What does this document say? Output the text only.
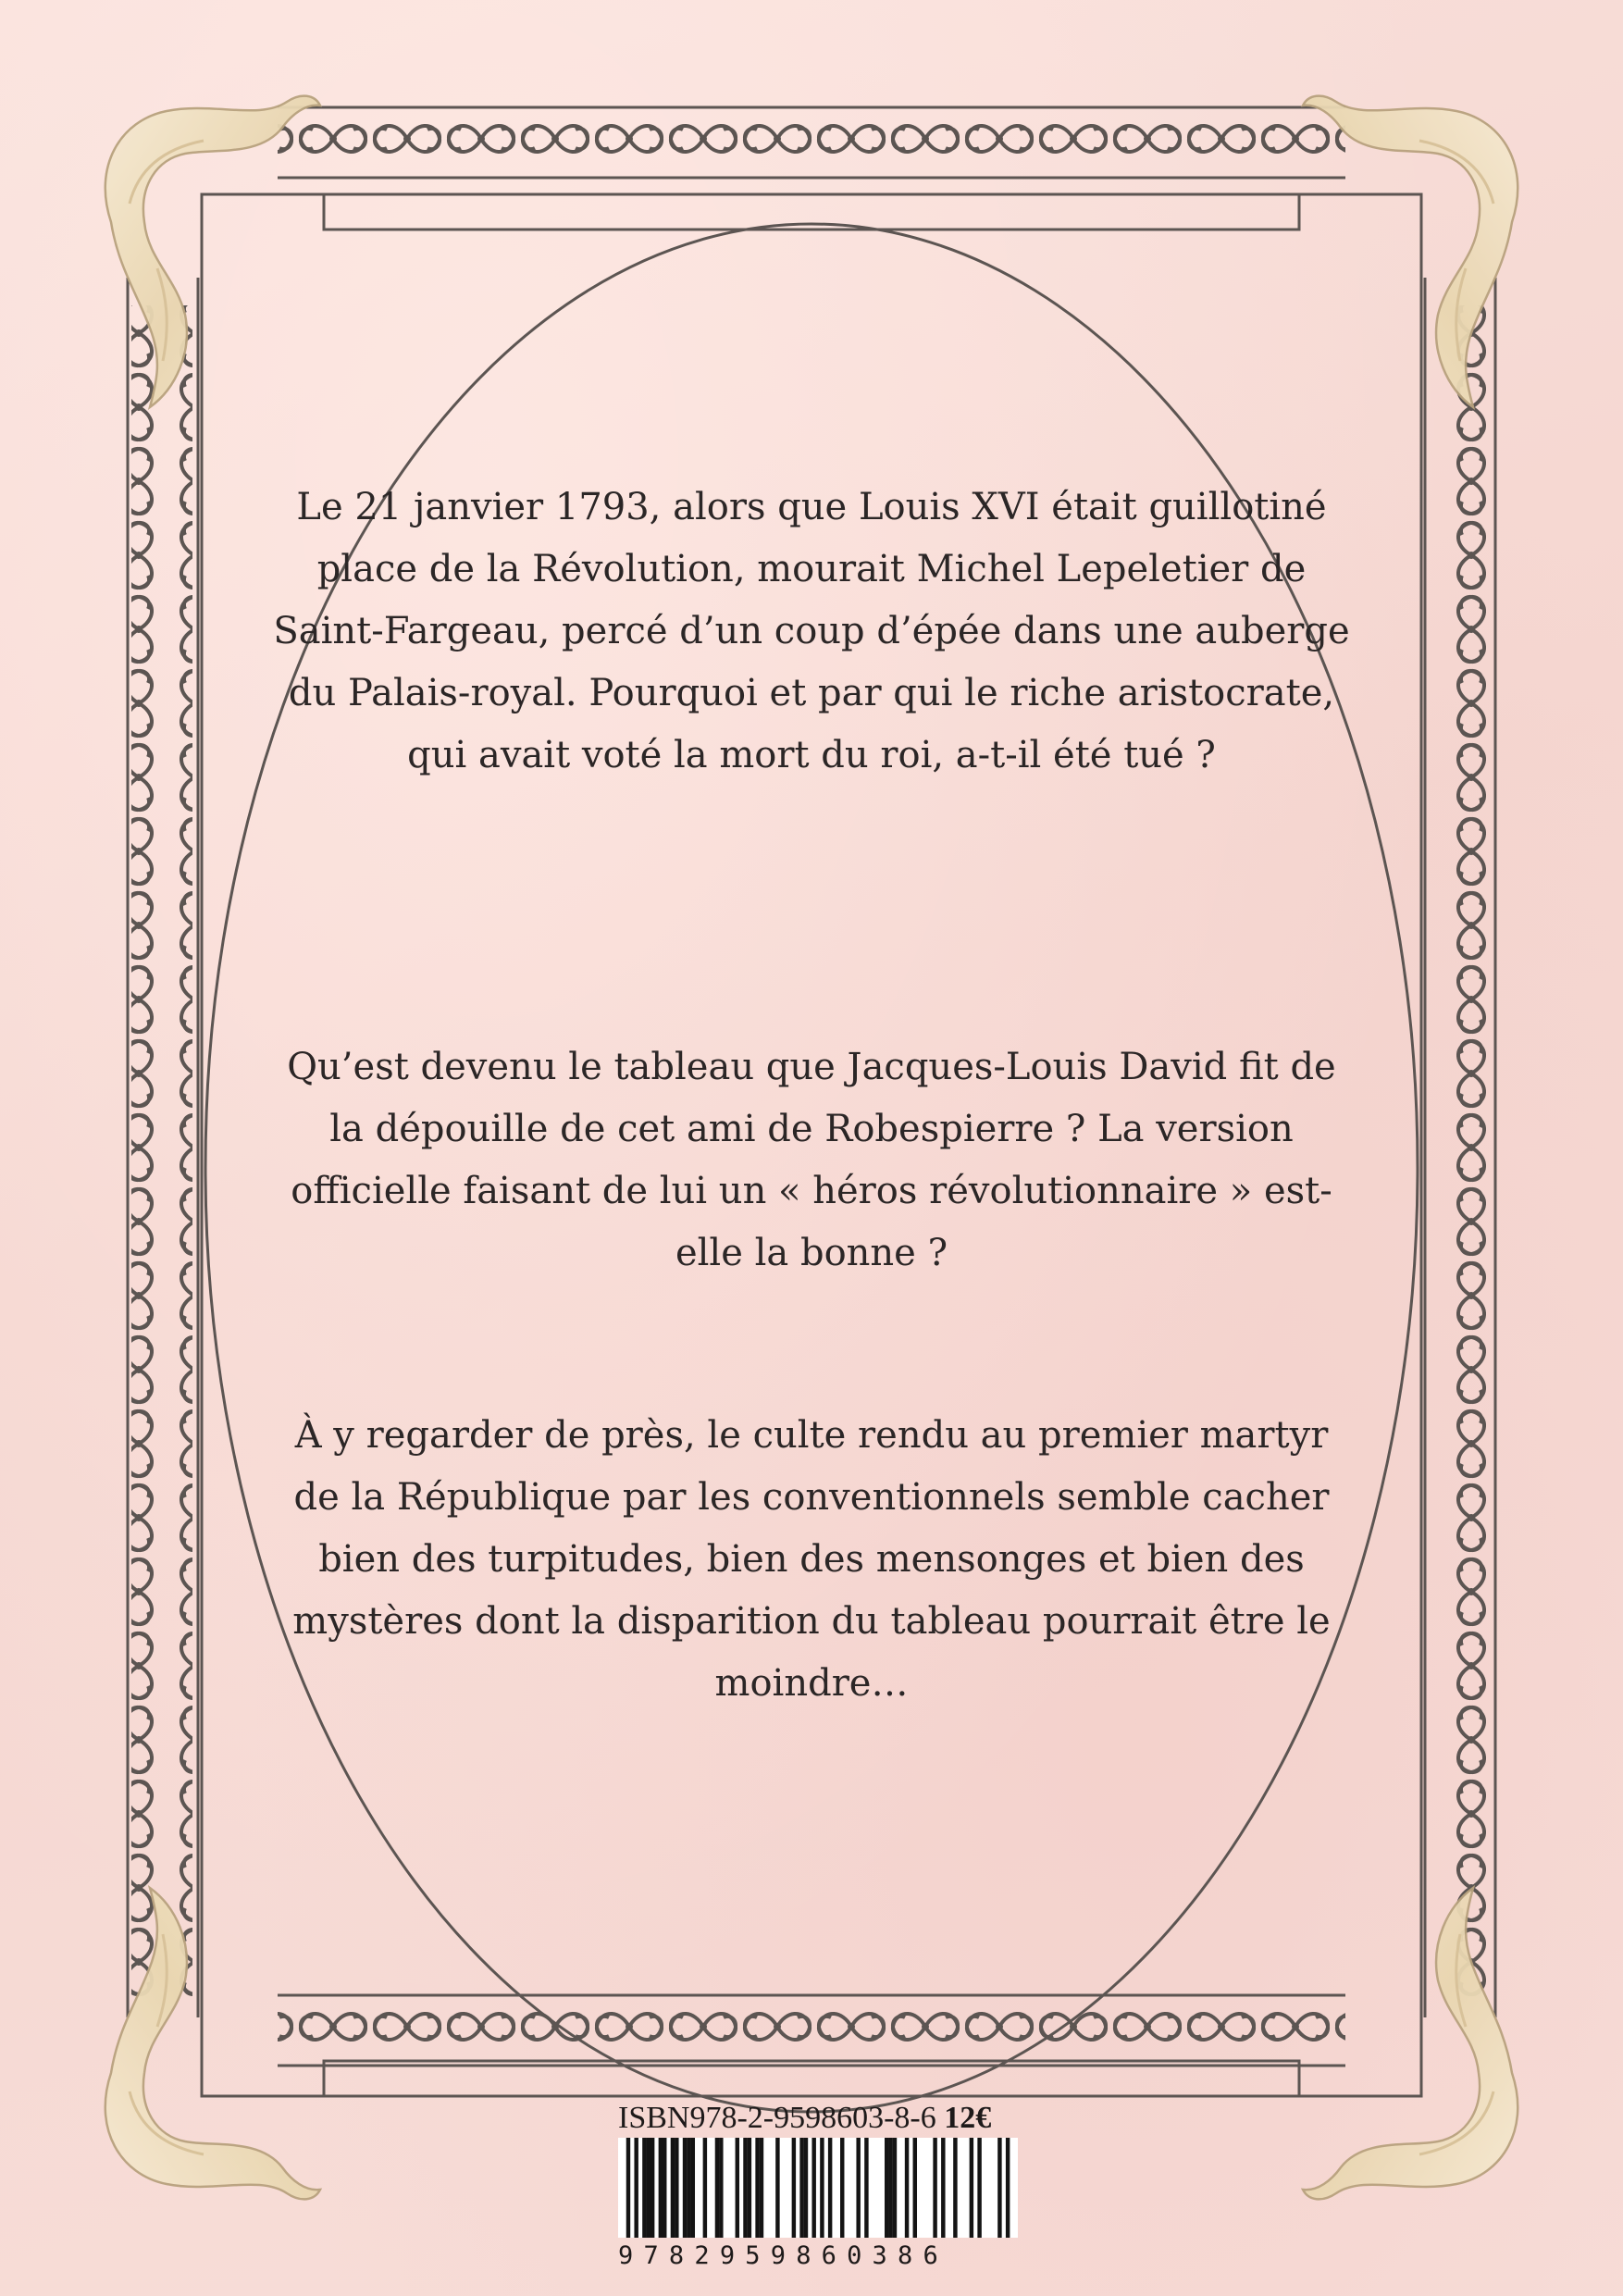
Le 21 janvier 1793, alors que Louis XVI était guillotiné place de la Révolution, mourait Michel Lepeletier de Saint-Fargeau, percé d’un coup d’épée dans une auberge du Palais-royal. Pourquoi et par qui le riche aristocrate, qui avait voté la mort du roi, a-t-il été tué ?

Qu’est devenu le tableau que Jacques-Louis David fit de la dépouille de cet ami de Robespierre ? La version officielle faisant de lui un « héros révolutionnaire » est-elle la bonne ?

À y regarder de près, le culte rendu au premier martyr de la République par les conventionnels semble cacher bien des turpitudes, bien des mensonges et bien des mystères dont la disparition du tableau pourrait être le moindre…

ISBN978-2-9598603-8-6 12€
9782959860386
